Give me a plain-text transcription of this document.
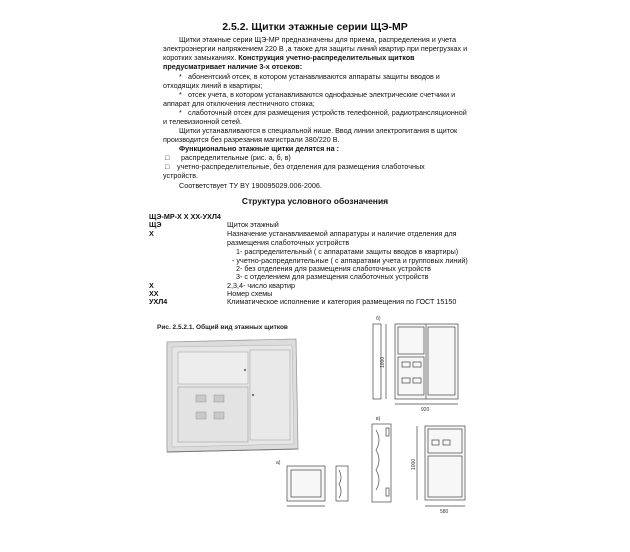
2.5.2. Щитки этажные серии ЩЭ-МР
Щитки этажные серии ЩЭ-МР предназначены для приема, распределения и учета
электроэнергии напряжением 220 В ,а также для защиты линий квартир при перегрузках и
коротких замыканиях. Конструкция учетно-распределительных щитков
предусматривает наличие 3-х отсеков:
* абонентский отсек, в котором устанавливаются аппараты защиты вводов и
отходящих линий в квартиры;
* отсек учета, в котором устанавливаются однофазные электрические счетчики и
аппарат для отключения лестничного стояка;
* слаботочный отсек для размещения устройств телефонной, радиотрансляционной
и телевизионной сетей.
Щитки устанавливаются в специальной нише. Ввод линии электропитания в щиток
производится без разрезания магистрали 380/220 В.
Функционально этажные щитки делятся на :
□ распределительные (рис. а, б, в)
□ учетно-распределительные, без отделения для размещения слаботочных
устройств.
Соответствует ТУ BY 190095029.006-2006.
Структура условного обозначения
ЩЭ-МР-Х Х ХХ-УХЛ4
ЩЭ	Щиток этажный
Х	Назначение устанавливаемой аппаратуры и наличие отделения для
размещения слаботочных устройств
1- распределительный ( с аппаратами защиты вводов в квартиры)
- учетно-распределительные ( с аппаратами учета и групповых линий)
2- без отделения для размещения слаботочных устройств
3- с отделением для размещения слаботочных устройств
Х	2,3,4- число квартир
ХХ	Номер схемы
УХЛ4	Климатическое исполнение и категория размещения по ГОСТ 15150
Рис. 2.5.2.1. Общий вид этажных щитков
б)
в)
а)
1000
920
1000
580
